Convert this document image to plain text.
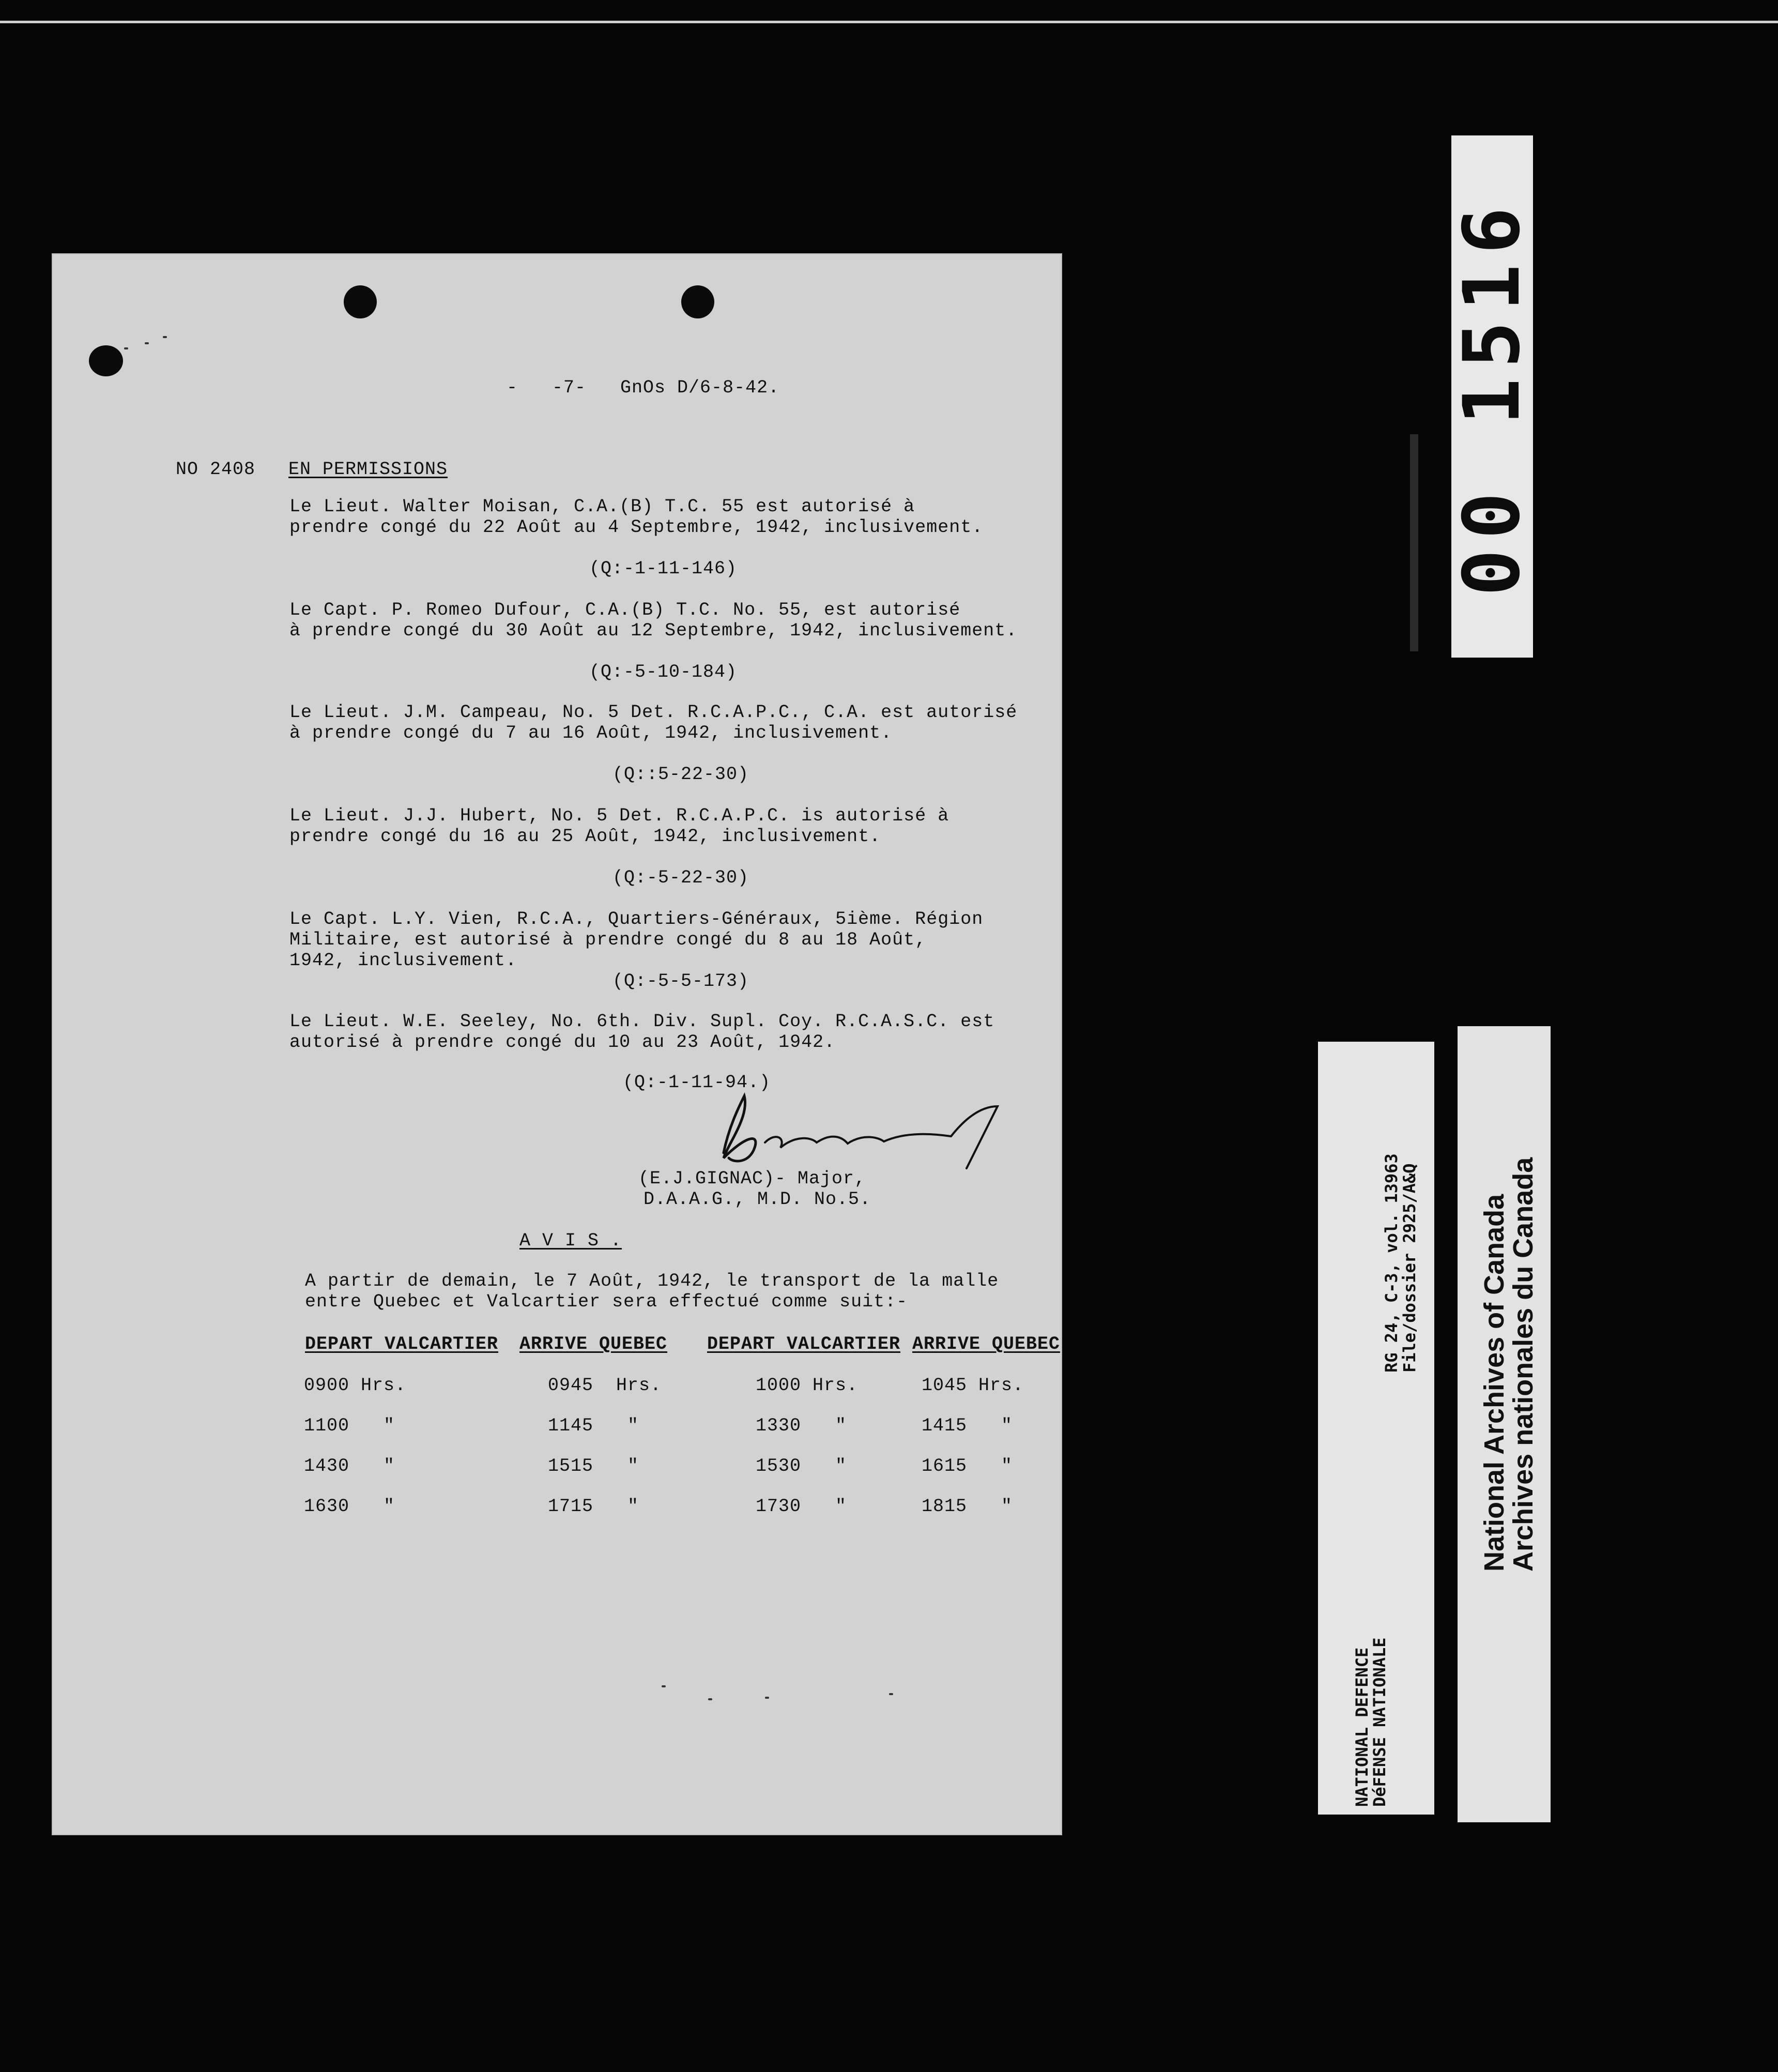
-   -7-   GnOs D/6-8-42.
NO 2408 EN PERMISSIONS
Le Lieut. Walter Moisan, C.A.(B) T.C. 55 est autorisé à
prendre congé du 22 Août au 4 Septembre, 1942, inclusivement.
(Q:-1-11-146)
Le Capt. P. Romeo Dufour, C.A.(B) T.C. No. 55, est autorisé
à prendre congé du 30 Août au 12 Septembre, 1942, inclusivement.
(Q:-5-10-184)
Le Lieut. J.M. Campeau, No. 5 Det. R.C.A.P.C., C.A. est autorisé
à prendre congé du 7 au 16 Août, 1942, inclusivement.
(Q::5-22-30)
Le Lieut. J.J. Hubert, No. 5 Det. R.C.A.P.C. is autorisé à
prendre congé du 16 au 25 Août, 1942, inclusivement.
(Q:-5-22-30)
Le Capt. L.Y. Vien, R.C.A., Quartiers-Généraux, 5ième. Région
Militaire, est autorisé à prendre congé du 8 au 18 Août,
1942, inclusivement.
(Q:-5-5-173)
Le Lieut. W.E. Seeley, No. 6th. Div. Supl. Coy. R.C.A.S.C. est
autorisé à prendre congé du 10 au 23 Août, 1942.
(Q:-1-11-94.)
(E.J.GIGNAC)- Major,
D.A.A.G., M.D. No.5.
A V I S .
A partir de demain, le 7 Août, 1942, le transport de la malle
entre Quebec et Valcartier sera effectué comme suit:-
DEPART VALCARTIER ARRIVE QUEBEC DEPART VALCARTIER ARRIVE QUEBEC
0900 Hrs.	0945  Hrs.	1000 Hrs.	1045 Hrs.
1100   "	1145   "	1330   "	1415   "
1430   "	1515   "	1530   "	1615   "
1630   "	1715   "	1730   "	1815   "
00 1516
NATIONAL DEFENCE
DéFENSE NATIONALE
RG 24, C-3, vol. 13963
File/dossier 2925/A&Q National Archives of Canada
Archives nationales du Canada
